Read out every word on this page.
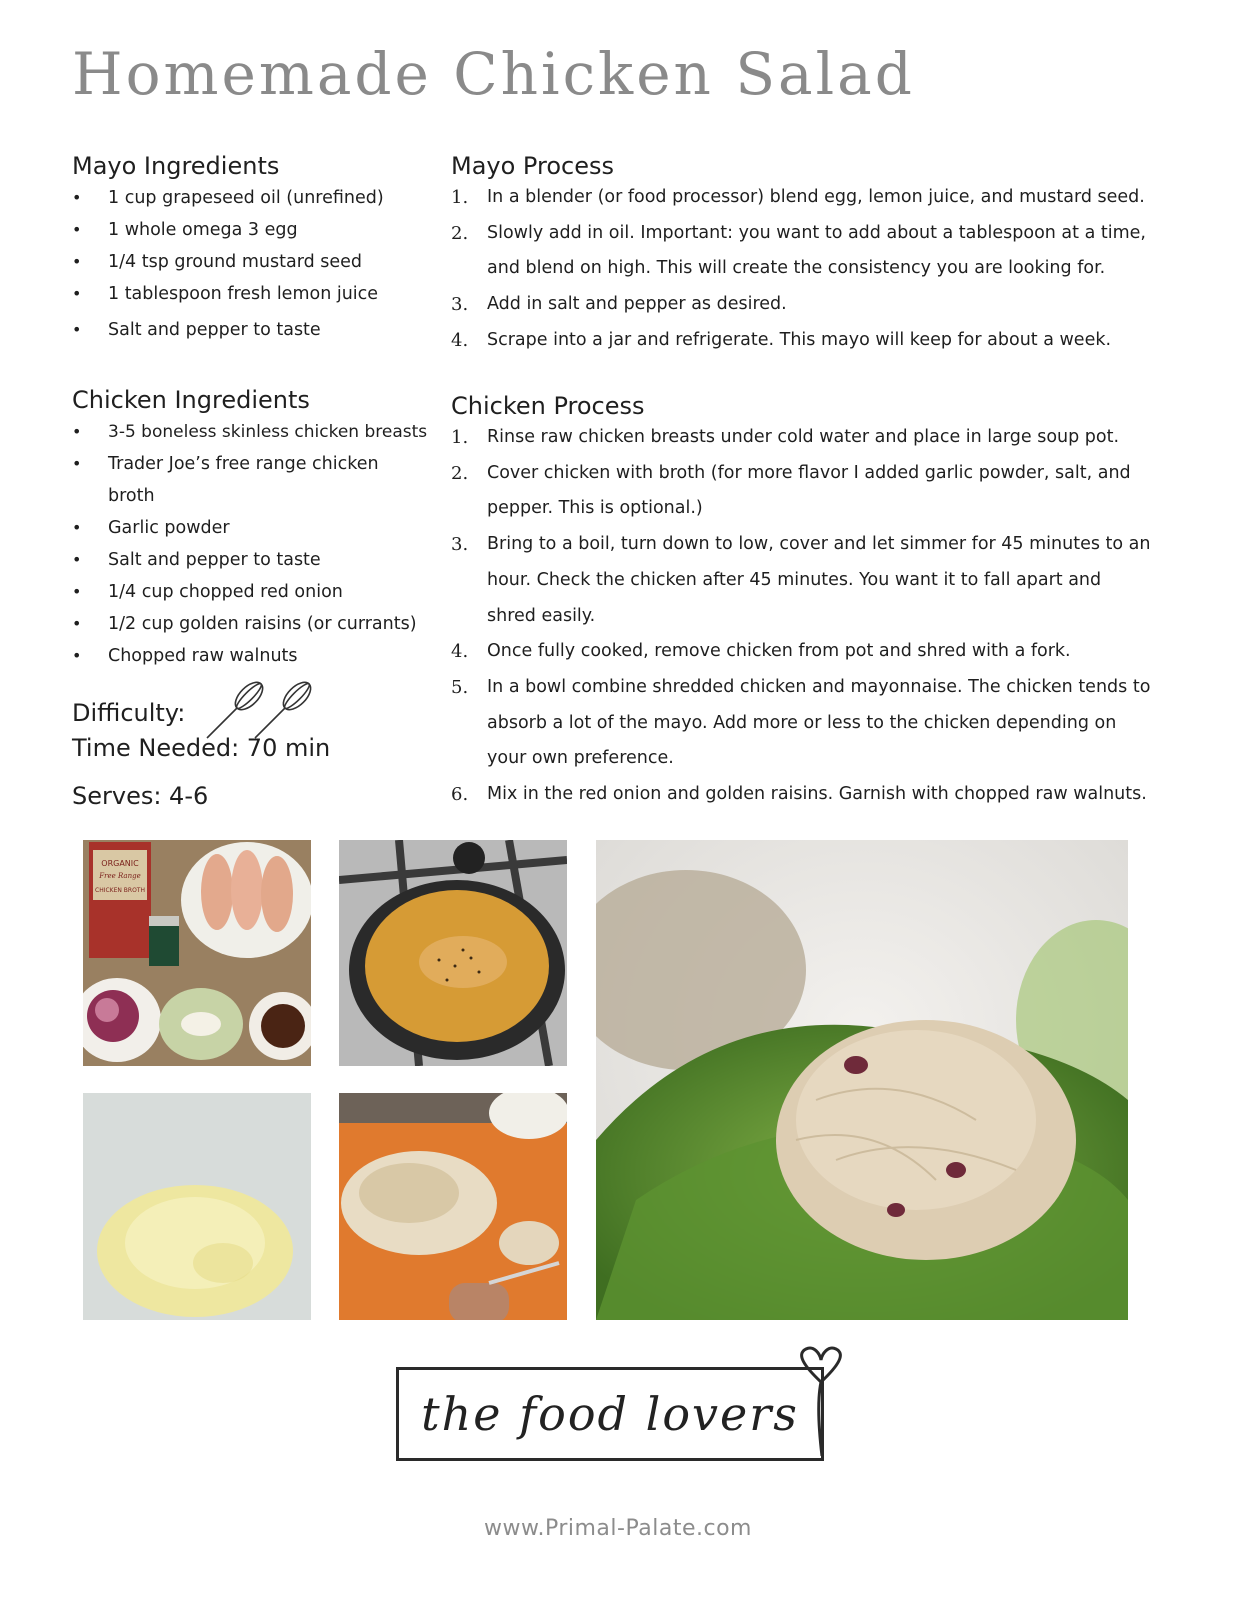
Homemade Chicken Salad
Mayo Ingredients
• 1 cup grapeseed oil (unrefined)
• 1 whole omega 3 egg
• 1/4 tsp ground mustard seed
• 1 tablespoon fresh lemon juice
• Salt and pepper to taste
Chicken Ingredients
• 3-5 boneless skinless chicken breasts
• Trader Joe’s free range chicken broth
• Garlic powder
• Salt and pepper to taste
• 1/4 cup chopped red onion
• 1/2 cup golden raisins (or currants)
• Chopped raw walnuts
Difficulty:
Time Needed: 70 min
Serves: 4-6
Mayo Process
1. In a blender (or food processor) blend egg, lemon juice, and mustard seed.
2. Slowly add in oil. Important: you want to add about a tablespoon at a time, and blend on high. This will create the consistency you are looking for.
3. Add in salt and pepper as desired.
4. Scrape into a jar and refrigerate. This mayo will keep for about a week.
Chicken Process
1. Rinse raw chicken breasts under cold water and place in large soup pot.
2. Cover chicken with broth (for more flavor I added garlic powder, salt, and pepper. This is optional.)
3. Bring to a boil, turn down to low, cover and let simmer for 45 minutes to an hour. Check the chicken after 45 minutes. You want it to fall apart and shred easily.
4. Once fully cooked, remove chicken from pot and shred with a fork.
5. In a bowl combine shredded chicken and mayonnaise. The chicken tends to absorb a lot of the mayo. Add more or less to the chicken depending on your own preference.
6. Mix in the red onion and golden raisins. Garnish with chopped raw walnuts.
ORGANIC
Free Range
CHICKEN BROTH
the food lovers
www.Primal-Palate.com
